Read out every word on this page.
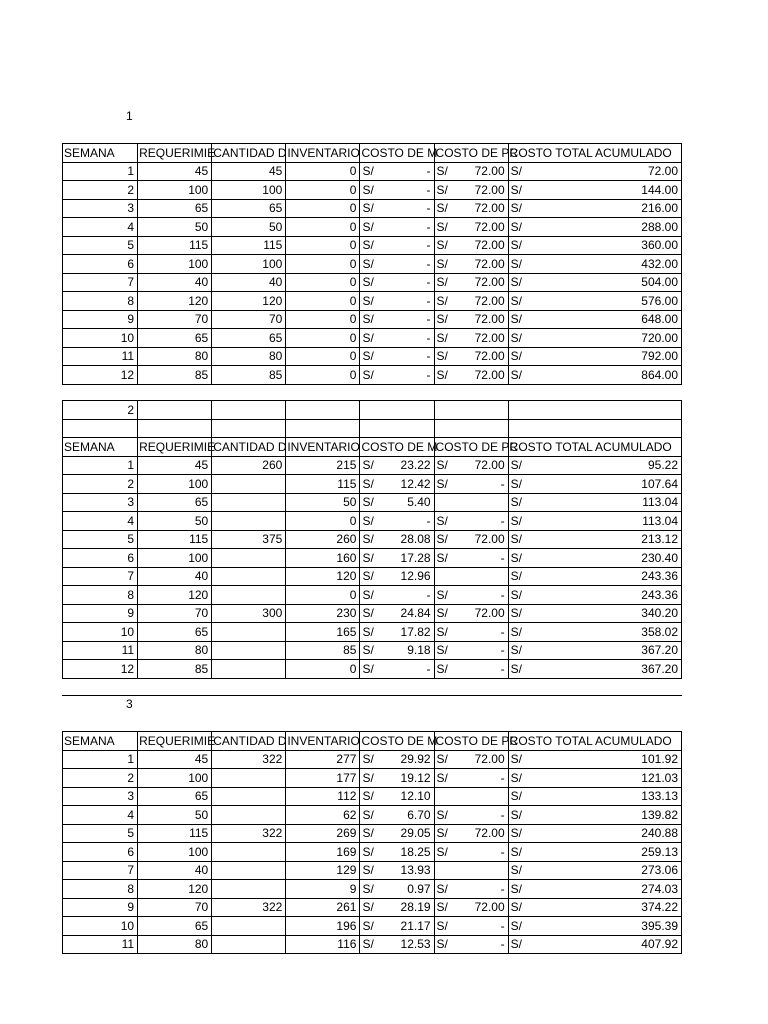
1
SEMANA	REQUERIMIE	CANTIDAD D	INVENTARIO	COSTO DE M	COSTO DE PR	COSTO TOTAL ACUMULADO
1	45	45	0	S/ -	S/ 72.00	S/ 72.00

2	100	100	0	S/ -	S/ 72.00	S/ 144.00

3	65	65	0	S/ -	S/ 72.00	S/ 216.00

4	50	50	0	S/ -	S/ 72.00	S/ 288.00

5	115	115	0	S/ -	S/ 72.00	S/ 360.00

6	100	100	0	S/ -	S/ 72.00	S/ 432.00

7	40	40	0	S/ -	S/ 72.00	S/ 504.00

8	120	120	0	S/ -	S/ 72.00	S/ 576.00

9	70	70	0	S/ -	S/ 72.00	S/ 648.00

10	65	65	0	S/ -	S/ 72.00	S/ 720.00

11	80	80	0	S/ -	S/ 72.00	S/ 792.00

12	85	85	0	S/ -	S/ 72.00	S/ 864.00
2						

SEMANA	REQUERIMIE	CANTIDAD D	INVENTARIO	COSTO DE M	COSTO DE PR	COSTO TOTAL ACUMULADO
1	45	260	215	S/ 23.22	S/ 72.00	S/ 95.22

2	100		115	S/ 12.42	S/ -	S/ 107.64

3	65		50	S/ 5.40		S/ 113.04

4	50		0	S/ -	S/ -	S/ 113.04

5	115	375	260	S/ 28.08	S/ 72.00	S/ 213.12

6	100		160	S/ 17.28	S/ -	S/ 230.40

7	40		120	S/ 12.96		S/ 243.36

8	120		0	S/ -	S/ -	S/ 243.36

9	70	300	230	S/ 24.84	S/ 72.00	S/ 340.20

10	65		165	S/ 17.82	S/ -	S/ 358.02

11	80		85	S/ 9.18	S/ -	S/ 367.20

12	85		0	S/ -	S/ -	S/ 367.20
3
SEMANA	REQUERIMIE	CANTIDAD D	INVENTARIO	COSTO DE M	COSTO DE PR	COSTO TOTAL ACUMULADO
1	45	322	277	S/ 29.92	S/ 72.00	S/ 101.92

2	100		177	S/ 19.12	S/ -	S/ 121.03

3	65		112	S/ 12.10		S/ 133.13

4	50		62	S/ 6.70	S/ -	S/ 139.82

5	115	322	269	S/ 29.05	S/ 72.00	S/ 240.88

6	100		169	S/ 18.25	S/ -	S/ 259.13

7	40		129	S/ 13.93		S/ 273.06

8	120		9	S/ 0.97	S/ -	S/ 274.03

9	70	322	261	S/ 28.19	S/ 72.00	S/ 374.22

10	65		196	S/ 21.17	S/ -	S/ 395.39

11	80		116	S/ 12.53	S/ -	S/ 407.92
